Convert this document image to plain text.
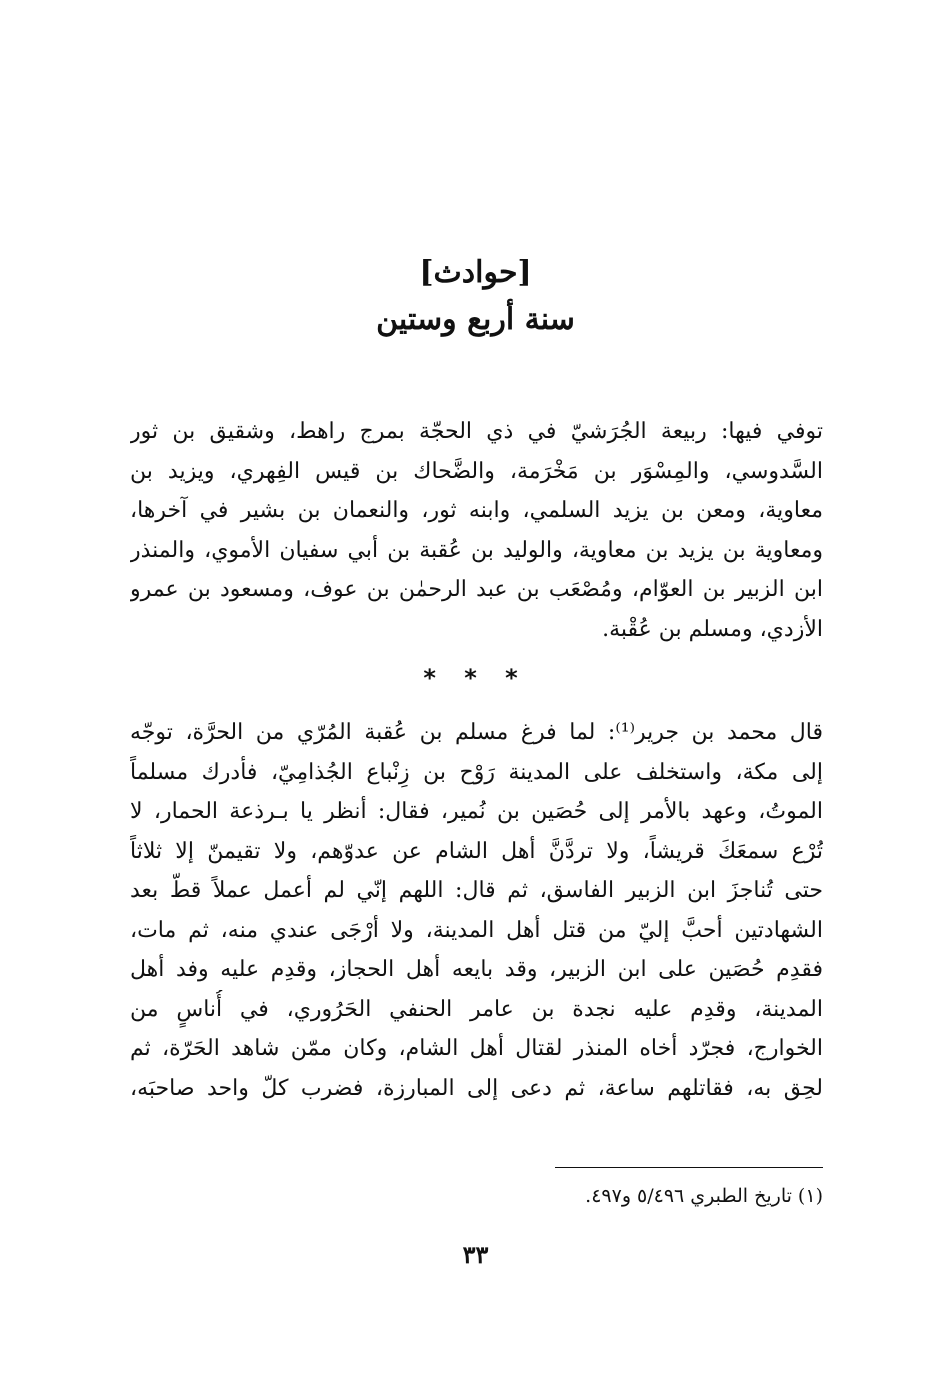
[حوادث]
سنة أربع وستين
توفي فيها: ربيعة الجُرَشيّ في ذي الحجّة بمرج راهط، وشقيق بن ثور
السَّدوسي، والمِسْوَر بن مَخْرَمة، والضَّحاك بن قيس الفِهري، ويزيد بن
معاوية، ومعن بن يزيد السلمي، وابنه ثور، والنعمان بن بشير في آخرها،
ومعاوية بن يزيد بن معاوية، والوليد بن عُقبة بن أبي سفيان الأموي، والمنذر
ابن الزبير بن العوّام، ومُصْعَب بن عبد الرحمٰن بن عوف، ومسعود بن عمرو
الأزدي، ومسلم بن عُقْبة.
* * *
قال محمد بن جرير⁽¹⁾: لما فرغ مسلم بن عُقبة المُرّي من الحرَّة، توجّه
إلى مكة، واستخلف على المدينة رَوْح بن زِنْباع الجُذامِيّ، فأدرك مسلماً
الموتُ، وعهد بالأمر إلى حُصَين بن نُمير، فقال: أنظر يا بـرذعة الحمار، لا
تُرْع سمعَكَ قريشاً، ولا تردَّنَّ أهل الشام عن عدوّهم، ولا تقيمنّ إلا ثلاثاً
حتى تُناجزَ ابن الزبير الفاسق، ثم قال: اللهم إنّي لم أعمل عملاً قطّ بعد
الشهادتين أحبَّ إليّ من قتل أهل المدينة، ولا أرْجَى عندي منه، ثم مات،
فقدِم حُصَين على ابن الزبير، وقد بايعه أهل الحجاز، وقدِم عليه وفد أهل
المدينة، وقدِم عليه نجدة بن عامر الحنفي الحَرُوري، في أُناسٍ من
الخوارج، فجرّد أخاه المنذر لقتال أهل الشام، وكان ممّن شاهد الحَرّة، ثم
لحِق به، فقاتلهم ساعة، ثم دعى إلى المبارزة، فضرب كلّ واحد صاحبَه،
(١) تاريخ الطبري ٥/٤٩٦ و٤٩٧.
٣٣
